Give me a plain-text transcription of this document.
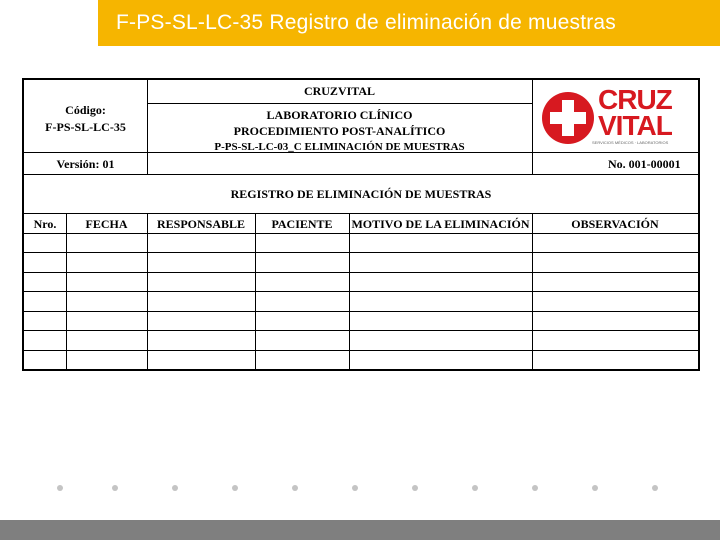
F-PS-SL-LC-35 Registro de eliminación de muestras
Código:
F-PS-SL-LC-35
CRUZVITAL
LABORATORIO CLÍNICO
PROCEDIMIENTO POST-ANALÍTICO
P-PS-SL-LC-03_C ELIMINACIÓN DE MUESTRAS
Versión: 01	No. 001-00001
CRUZ
VITAL
SERVICIOS MÉDICOS · LABORATORIOS
REGISTRO DE ELIMINACIÓN DE MUESTRAS
Nro.	FECHA	RESPONSABLE	PACIENTE	MOTIVO DE LA ELIMINACIÓN	OBSERVACIÓN
